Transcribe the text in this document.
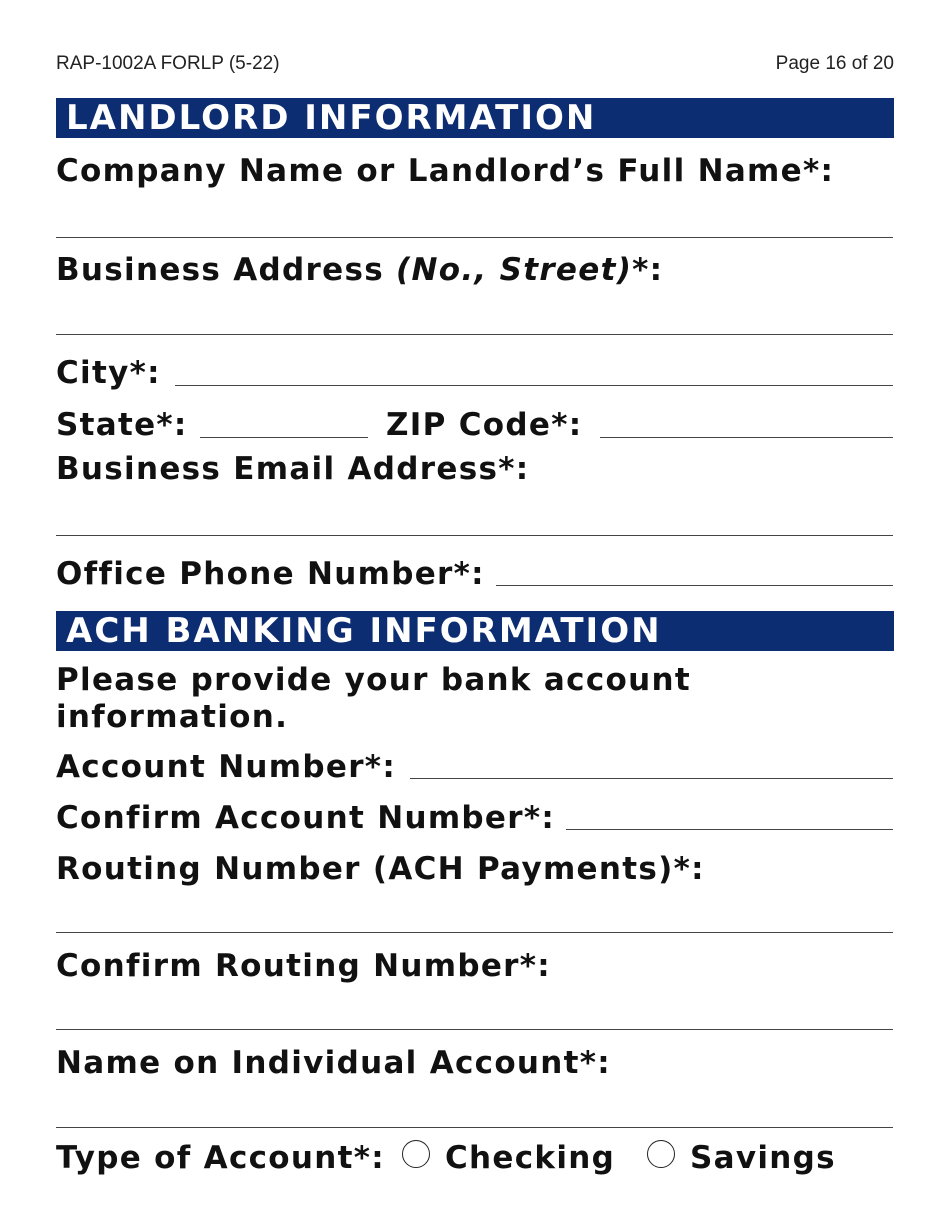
RAP-1002A FORLP (5-22)	Page 16 of 20
LANDLORD INFORMATION
Company Name or Landlord’s Full Name*:
Business Address (No., Street)*:
City*:
State*:	ZIP Code*:
Business Email Address*:
Office Phone Number*:
ACH BANKING INFORMATION
Please provide your bank account
information.
Account Number*:
Confirm Account Number*:
Routing Number (ACH Payments)*:
Confirm Routing Number*:
Name on Individual Account*:
Type of Account*: Checking Savings
